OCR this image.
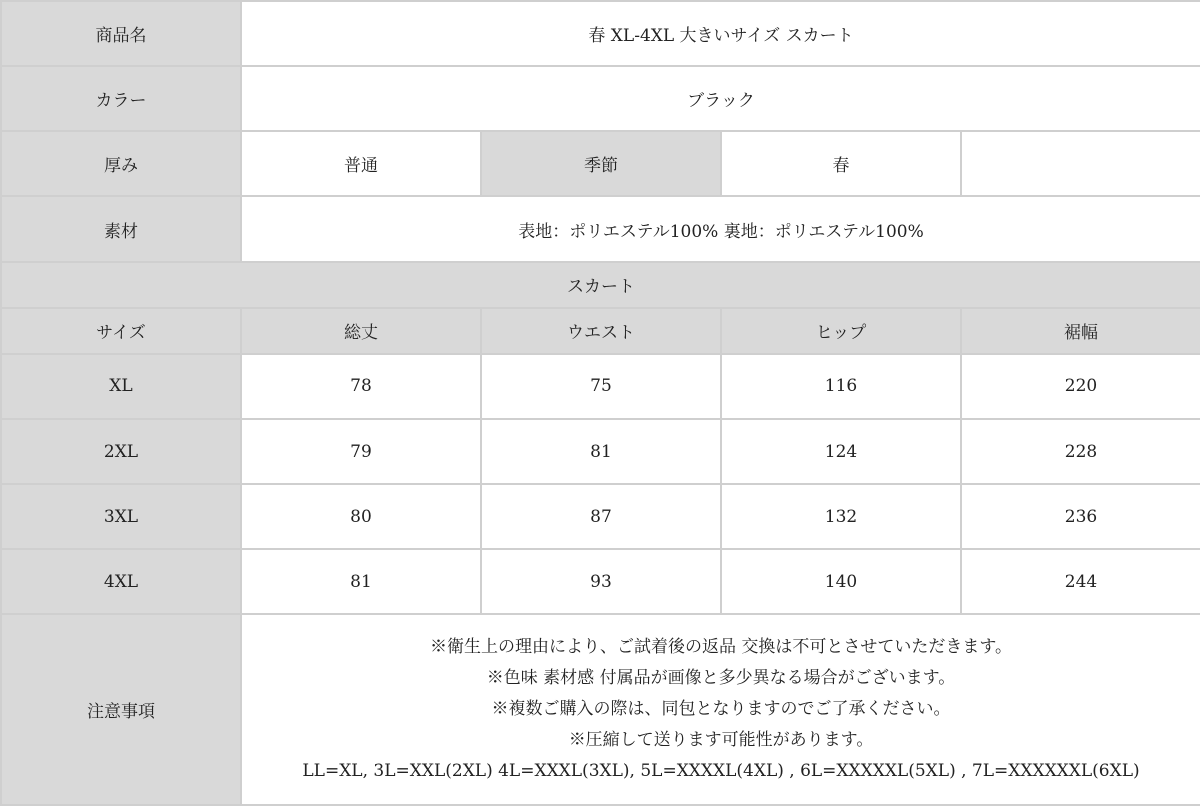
商品名	春 XL-4XL 大きいサイズ スカート			
カラー	ブラック			
厚み	普通	季節	春	
素材	表地：ポリエステル100% 裏地：ポリエステル100%			
スカート				
サイズ	総丈	ウエスト	ヒップ	裾幅
XL	78	75	116	220
2XL	79	81	124	228
3XL	80	87	132	236
4XL	81	93	140	244
注意事項	※衛生上の理由により、ご試着後の返品 交換は不可とさせていただきます。
※色味 素材感 付属品が画像と多少異なる場合がございます。
※複数ご購入の際は、同包となりますのでご了承ください。
※圧縮して送ります可能性があります。
LL=XL, 3L=XXL(2XL) 4L=XXXL(3XL), 5L=XXXXL(4XL) , 6L=XXXXXL(5XL) , 7L=XXXXXXL(6XL)			
